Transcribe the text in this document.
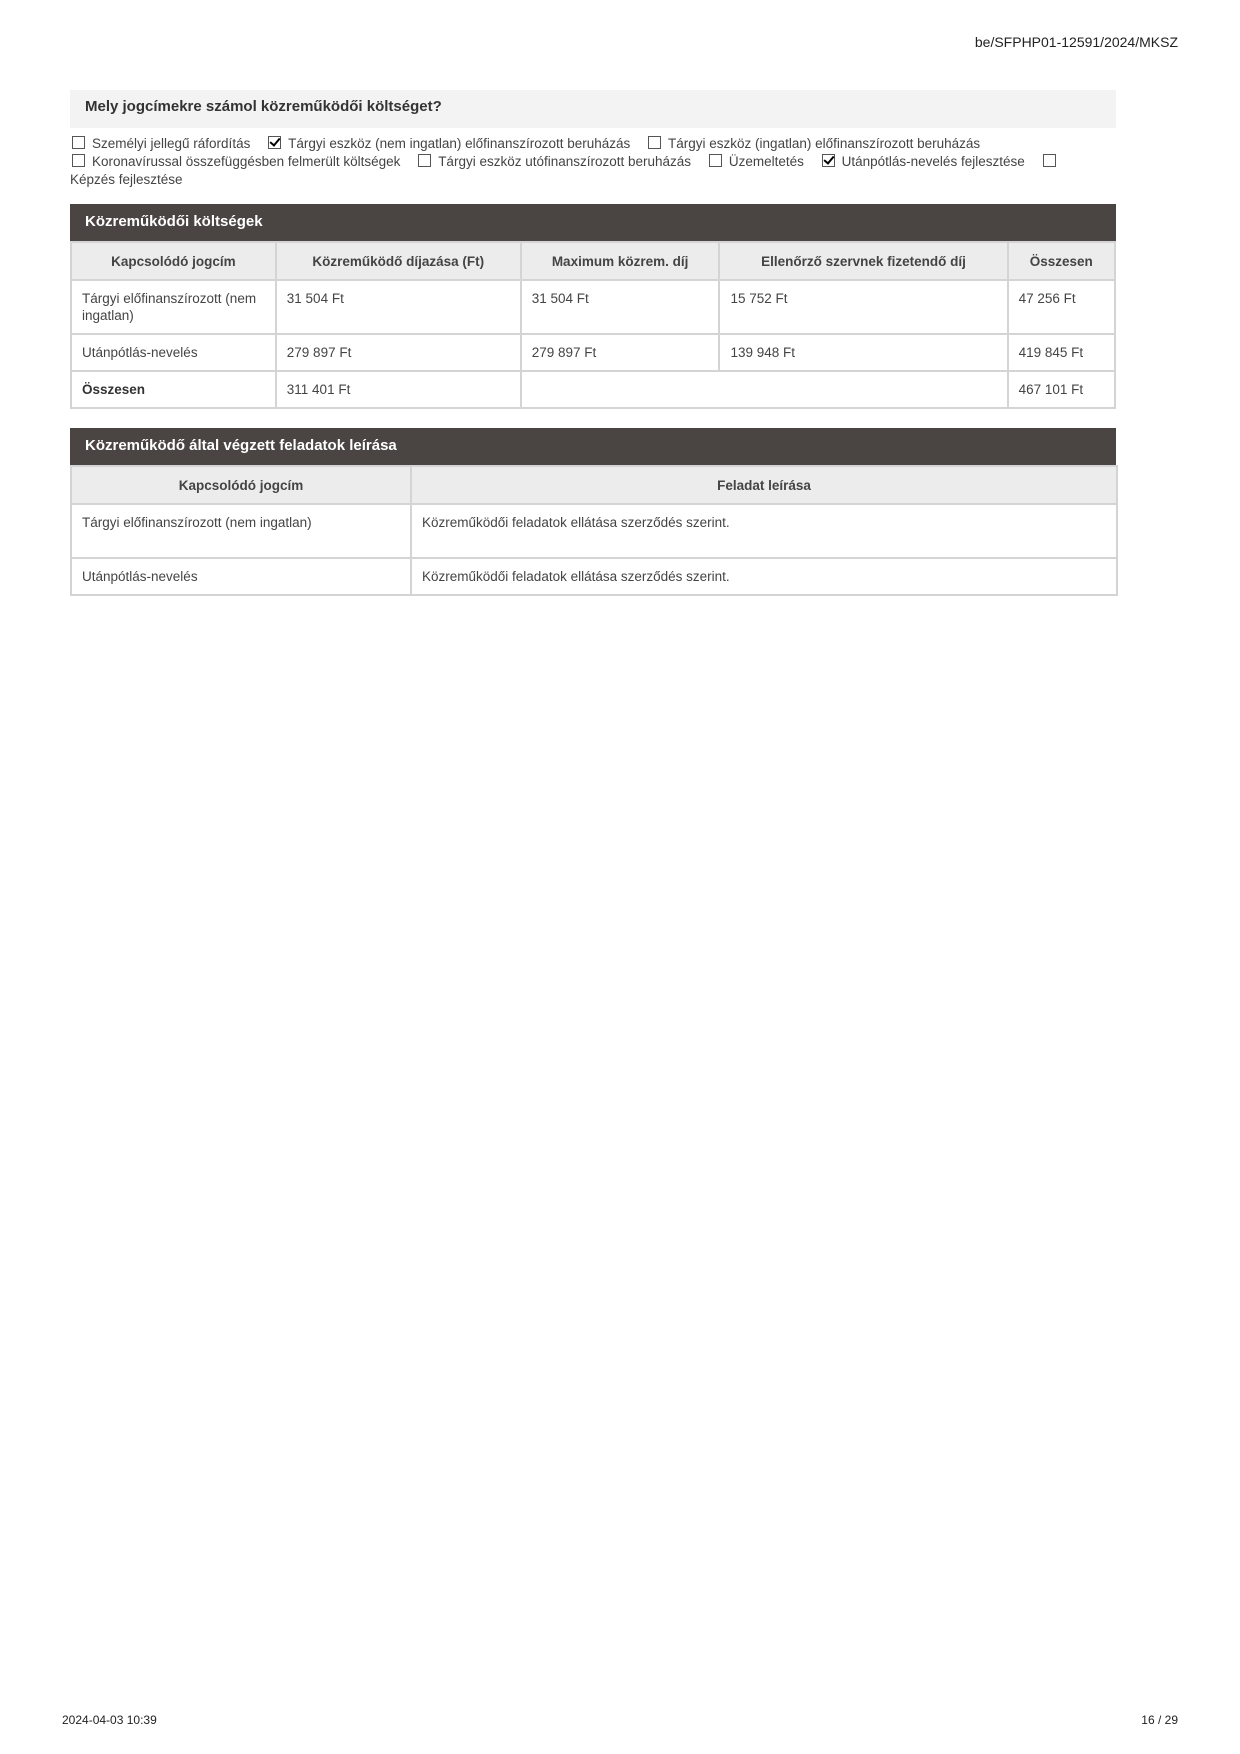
be/SFPHP01-12591/2024/MKSZ
Mely jogcímekre számol közreműködői költséget?
Személyi jellegű ráfordítás	Tárgyi eszköz (nem ingatlan) előfinanszírozott beruházás	Tárgyi eszköz (ingatlan) előfinanszírozott beruházás
Koronavírussal összefüggésben felmerült költségek	Tárgyi eszköz utófinanszírozott beruházás	Üzemeltetés	Utánpótlás-nevelés fejlesztése
Képzés fejlesztése
Közreműködői költségek
Kapcsolódó jogcím	Közreműködő díjazása (Ft)	Maximum közrem. díj	Ellenőrző szervnek fizetendő díj	Összesen
Tárgyi előfinanszírozott (nem ingatlan)	31 504 Ft	31 504 Ft	15 752 Ft	47 256 Ft
Utánpótlás-nevelés	279 897 Ft	279 897 Ft	139 948 Ft	419 845 Ft
Összesen	311 401 Ft			467 101 Ft
Közreműködő által végzett feladatok leírása
Kapcsolódó jogcím	Feladat leírása
Tárgyi előfinanszírozott (nem ingatlan)	Közreműködői feladatok ellátása szerződés szerint.
Utánpótlás-nevelés	Közreműködői feladatok ellátása szerződés szerint.
2024-04-03 10:39	16 / 29
